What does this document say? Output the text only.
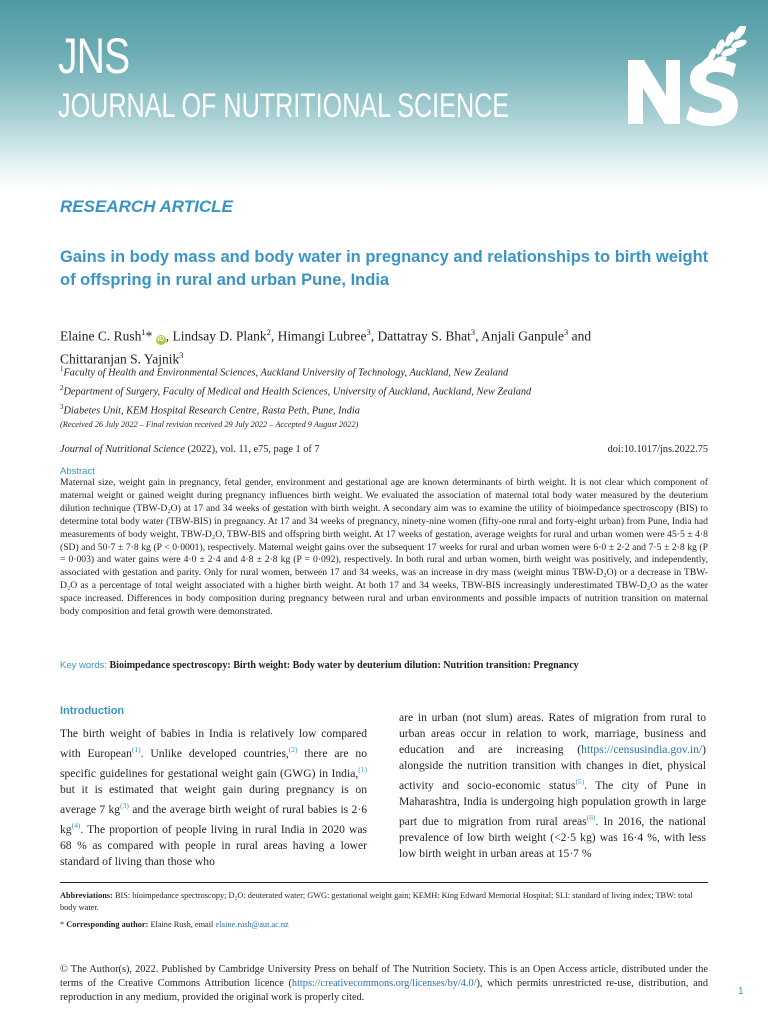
JNS
JOURNAL OF NUTRITIONAL SCIENCE
RESEARCH ARTICLE
Gains in body mass and body water in pregnancy and relationships to birth weight of offspring in rural and urban Pune, India
Elaine C. Rush$^1$* iD , Lindsay D. Plank$^2$, Himangi Lubree$^3$, Dattatray S. Bhat$^3$, Anjali Ganpule$^3$ and
Chittaranjan S. Yajnik$^3$
$^1$Faculty of Health and Environmental Sciences, Auckland University of Technology, Auckland, New Zealand
$^2$Department of Surgery, Faculty of Medical and Health Sciences, University of Auckland, Auckland, New Zealand
$^3$Diabetes Unit, KEM Hospital Research Centre, Rasta Peth, Pune, India
(Received 26 July 2022 – Final revision received 29 July 2022 – Accepted 9 August 2022)
Journal of Nutritional Science (2022), vol. 11, e75, page 1 of 7	doi:10.1017/jns.2022.75
Abstract
Maternal size, weight gain in pregnancy, fetal gender, environment and gestational age are known determinants of birth weight. It is not clear which component of maternal weight or gained weight during pregnancy influences birth weight. We evaluated the association of maternal total body water measured by the deuterium dilution technique (TBW-D₂O) at 17 and 34 weeks of gestation with birth weight. A secondary aim was to examine the utility of bioimpedance spectroscopy (BIS) to determine total body water (TBW-BIS) in pregnancy. At 17 and 34 weeks of pregnancy, ninety-nine women (fifty-one rural and forty-eight urban) from Pune, India had measurements of body weight, TBW-D₂O, TBW-BIS and offspring birth weight. At 17 weeks of gestation, average weights for rural and urban women were 45·5 ± 4·8 (SD) and 50·7 ± 7·8 kg (P < 0·0001), respectively. Maternal weight gains over the subsequent 17 weeks for rural and urban women were 6·0 ± 2·2 and 7·5 ± 2·8 kg (P = 0·003) and water gains were 4·0 ± 2·4 and 4·8 ± 2·8 kg (P = 0·092), respectively. In both rural and urban women, birth weight was positively, and independently, associated with gestation and parity. Only for rural women, between 17 and 34 weeks, was an increase in dry mass (weight minus TBW-D₂O) or a decrease in TBW-D₂O as a percentage of total weight associated with a higher birth weight. At both 17 and 34 weeks, TBW-BIS increasingly underestimated TBW-D₂O as the water space increased. Differences in body composition during pregnancy between rural and urban environments and possible impacts of nutrition transition on maternal body composition and fetal growth were demonstrated.
Key words: Bioimpedance spectroscopy: Birth weight: Body water by deuterium dilution: Nutrition transition: Pregnancy
Introduction
The birth weight of babies in India is relatively low compared with European$^{(1)}$. Unlike developed countries,$^{(2)}$ there are no specific guidelines for gestational weight gain (GWG) in India,$^{(1)}$ but it is estimated that weight gain during pregnancy is on average 7 $kg^{(3)}$ and the average birth weight of rural babies is 2·6 $kg^{(4)}$. The proportion of people living in rural India in 2020 was 68 % as compared with people in rural areas having a lower standard of living than those who
are in urban (not slum) areas. Rates of migration from rural to urban areas occur in relation to work, marriage, business and education and are increasing (https://censusindia.gov.in/) alongside the nutrition transition with changes in diet, physical activity and socio-economic status$^{(5)}$. The city of Pune in Maharashtra, India is undergoing high population growth in large part due to migration from rural areas$^{(6)}$. In 2016, the national prevalence of low birth weight (<2·5 kg) was 16·4 %, with less low birth weight in urban areas at 15·7 %
Abbreviations: BIS: bioimpedance spectroscopy; D₂O: deuterated water; GWG: gestational weight gain; KEMH: King Edward Memorial Hospital; SLI: standard of living index; TBW: total body water.
* Corresponding author: Elaine Rush, email elaine.rush@aut.ac.nz
© The Author(s), 2022. Published by Cambridge University Press on behalf of The Nutrition Society. This is an Open Access article, distributed under the terms of the Creative Commons Attribution licence (https://creativecommons.org/licenses/by/4.0/), which permits unrestricted re-use, distribution, and reproduction in any medium, provided the original work is properly cited.
1
